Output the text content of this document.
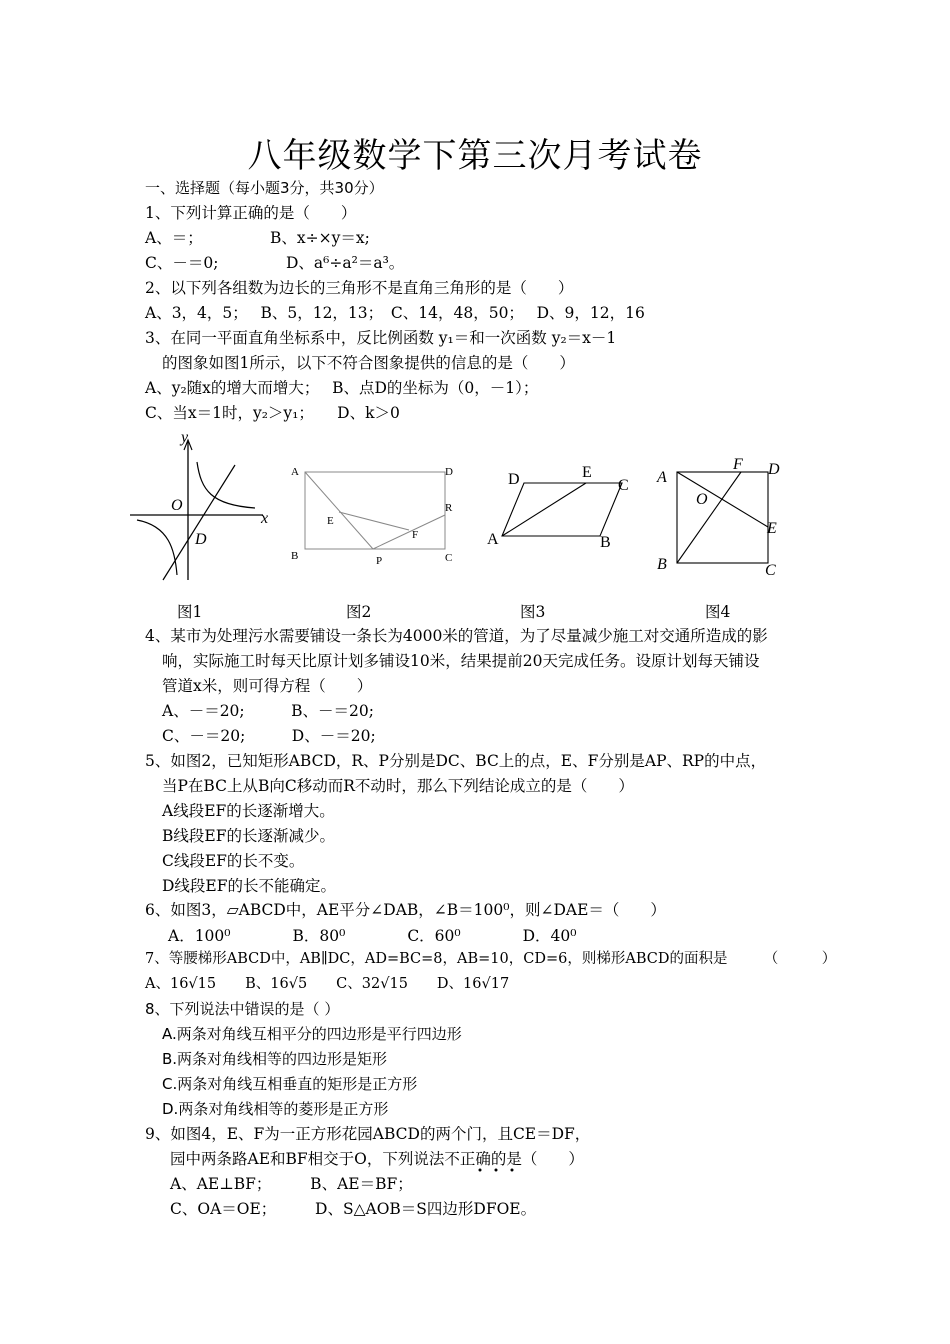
八年级数学下第三次月考试卷
一、选择题（每小题3分，共30分）
1、下列计算正确的是（　　）
A、＝；	B、x÷×y＝x;
C、－＝0;	D、a⁶÷a²＝a³。
2、以下列各组数为边长的三角形不是直角三角形的是（　　）
A、3，4，5；　 B、5，12，13；　C、14，48，50；　 D、9，12，16
3、在同一平面直角坐标系中，反比例函数 y₁＝和一次函数 y₂＝x－1
的图象如图1所示，以下不符合图象提供的信息的是（　　）
A、y₂随x的增大而增大；　 B、点D的坐标为（0，－1）；
C、当x＝1时，y₂＞y₁；　　D、k＞0
y
O
x
D
A	D
E
R
F
B	P	C
D	E
C
A	B
A
F D
O
E
B	C
图1	图2	图3	图4
4、某市为处理污水需要铺设一条长为4000米的管道，为了尽量减少施工对交通所造成的影
响，实际施工时每天比原计划多铺设10米，结果提前20天完成任务。设原计划每天铺设
管道x米，则可得方程（　　）
A、－＝20;　　　B、－＝20;
C、－＝20;　　　D、－＝20;
5、如图2，已知矩形ABCD，R、P分别是DC、BC上的点，E、F分别是AP、RP的中点，
当P在BC上从B向C移动而R不动时，那么下列结论成立的是（　　）
A线段EF的长逐渐增大。
B线段EF的长逐渐减少。
C线段EF的长不变。
D线段EF的长不能确定。
6、如图3，▱ABCD中，AE平分∠DAB，∠B＝100⁰，则∠DAE＝（　　）
A．100⁰　　　　B．80⁰　　　　C．60⁰　　　　D．40⁰
7、等腰梯形ABCD中，AB∥DC，AD=BC=8，AB=10，CD=6，则梯形ABCD的面积是　　　（　　　）
A、16√15　　B、16√5　　C、32√15　　D、16√17
8、下列说法中错误的是（ ）
A.两条对角线互相平分的四边形是平行四边形
B.两条对角线相等的四边形是矩形
C.两条对角线互相垂直的矩形是正方形
D.两条对角线相等的菱形是正方形
9、如图4，E、F为一正方形花园ABCD的两个门，且CE＝DF，
园中两条路AE和BF相交于O，下列说法不正确的是（　　）
A、AE⊥BF；　　　B、AE＝BF；
C、OA＝OE；　　　D、S△AOB＝S四边形DFOE。
